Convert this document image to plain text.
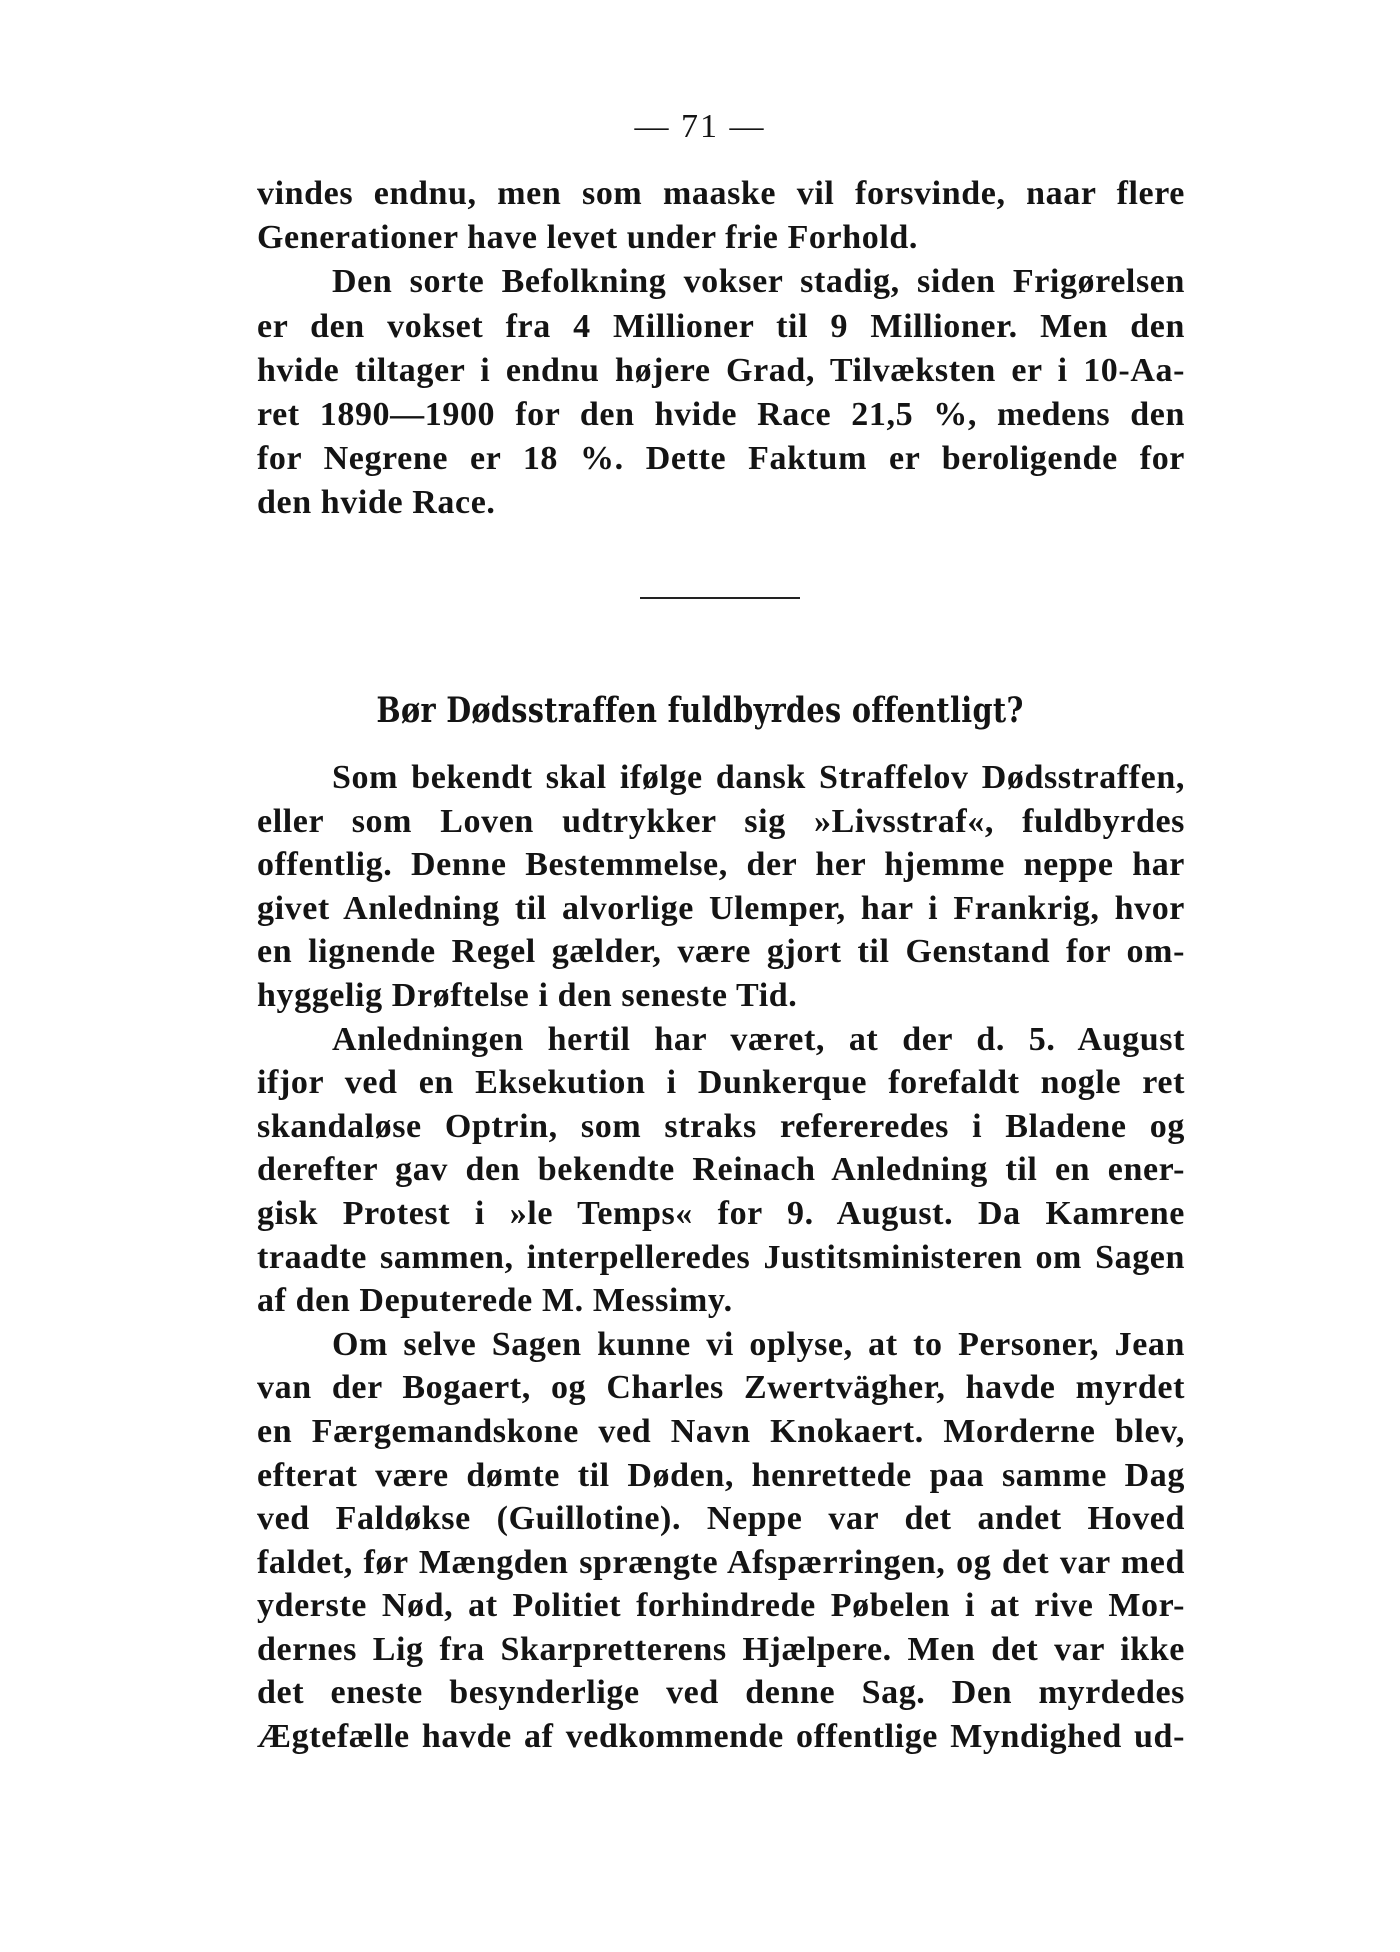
— 71 —

vindes endnu, men som maaske vil forsvinde, naar flere

Generationer have levet under frie Forhold.

Den sorte Befolkning vokser stadig, siden Frigørelsen

er den vokset fra 4 Millioner til 9 Millioner. Men den

hvide tiltager i endnu højere Grad, Tilvæksten er i 10-Aa-

ret 1890—1900 for den hvide Race 21,5 %, medens den

for Negrene er 18 %. Dette Faktum er beroligende for

den hvide Race.

Bør Dødsstraffen fuldbyrdes offentligt?

Som bekendt skal ifølge dansk Straffelov Dødsstraffen,

eller som Loven udtrykker sig »Livsstraf«, fuldbyrdes

offentlig. Denne Bestemmelse, der her hjemme neppe har

givet Anledning til alvorlige Ulemper, har i Frankrig, hvor

en lignende Regel gælder, være gjort til Genstand for om-

hyggelig Drøftelse i den seneste Tid.

Anledningen hertil har været, at der d. 5. August

ifjor ved en Eksekution i Dunkerque forefaldt nogle ret

skandaløse Optrin, som straks refereredes i Bladene og

derefter gav den bekendte Reinach Anledning til en ener-

gisk Protest i »le Temps« for 9. August. Da Kamrene

traadte sammen, interpelleredes Justitsministeren om Sagen

af den Deputerede M. Messimy.

Om selve Sagen kunne vi oplyse, at to Personer, Jean

van der Bogaert, og Charles Zwertvägher, havde myrdet

en Færgemandskone ved Navn Knokaert. Morderne blev,

efterat være dømte til Døden, henrettede paa samme Dag

ved Faldøkse (Guillotine). Neppe var det andet Hoved

faldet, før Mængden sprængte Afspærringen, og det var med

yderste Nød, at Politiet forhindrede Pøbelen i at rive Mor-

dernes Lig fra Skarpretterens Hjælpere. Men det var ikke

det eneste besynderlige ved denne Sag. Den myrdedes

Ægtefælle havde af vedkommende offentlige Myndighed ud-
